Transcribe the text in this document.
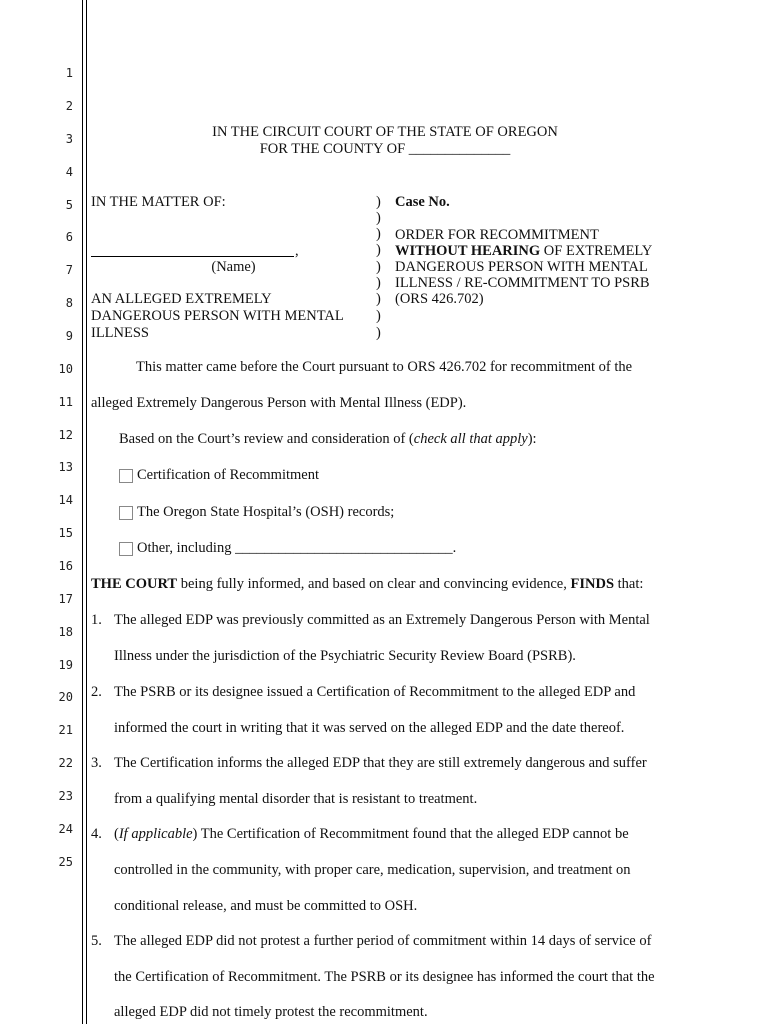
1
2
3
4
5
6
7
8
9
10
11
12
13
14
15
16
17
18
19
20
21
22
23
24
25
IN THE CIRCUIT COURT OF THE STATE OF OREGON
FOR THE COUNTY OF ______________
IN THE MATTER OF:
,
(Name)
AN ALLEGED EXTREMELY
DANGEROUS PERSON WITH MENTAL
ILLNESS
)
)
)
)
)
)
)
)
)
Case No.
ORDER FOR RECOMMITMENT
WITHOUT HEARING OF EXTREMELY
DANGEROUS PERSON WITH MENTAL
ILLNESS / RE-COMMITMENT TO PSRB
(ORS 426.702)
This matter came before the Court pursuant to ORS 426.702 for recommitment of the
alleged Extremely Dangerous Person with Mental Illness (EDP).
Based on the Court’s review and consideration of (check all that apply):
Certification of Recommitment
The Oregon State Hospital’s (OSH) records;
Other, including ______________________________.
THE COURT being fully informed, and based on clear and convincing evidence, FINDS that:
1. The alleged EDP was previously committed as an Extremely Dangerous Person with Mental
Illness under the jurisdiction of the Psychiatric Security Review Board (PSRB).
2. The PSRB or its designee issued a Certification of Recommitment to the alleged EDP and
informed the court in writing that it was served on the alleged EDP and the date thereof.
3. The Certification informs the alleged EDP that they are still extremely dangerous and suffer
from a qualifying mental disorder that is resistant to treatment.
4. (If applicable) The Certification of Recommitment found that the alleged EDP cannot be
controlled in the community, with proper care, medication, supervision, and treatment on
conditional release, and must be committed to OSH.
5. The alleged EDP did not protest a further period of commitment within 14 days of service of
the Certification of Recommitment. The PSRB or its designee has informed the court that the
alleged EDP did not timely protest the recommitment.
